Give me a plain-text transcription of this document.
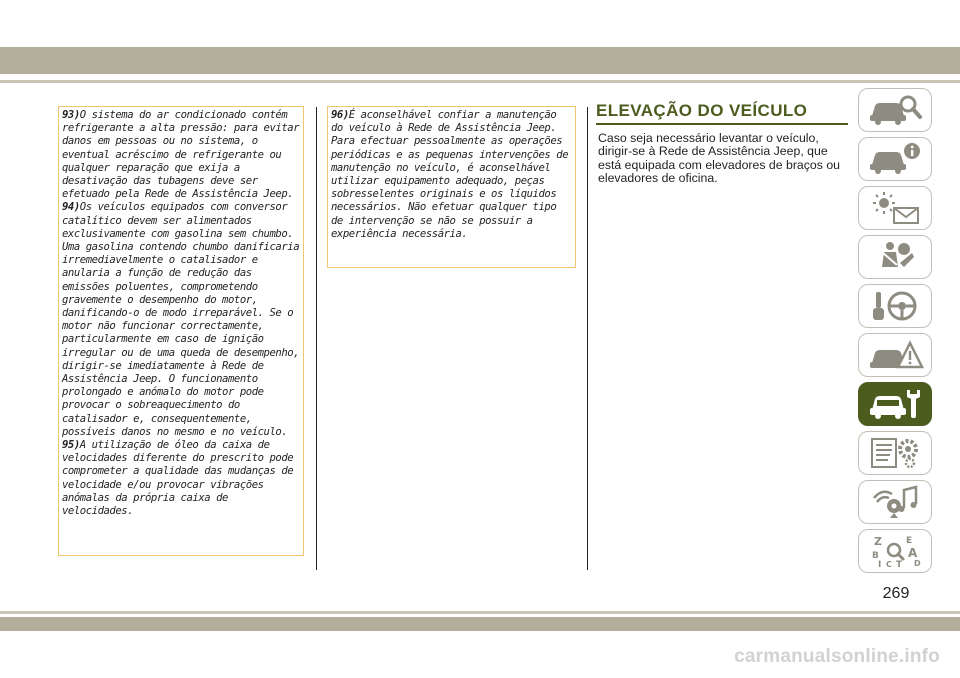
93)O sistema do ar condicionado contém refrigerante a alta pressão: para evitar danos em pessoas ou no sistema, o eventual acréscimo de refrigerante ou qualquer reparação que exija a desativação das tubagens deve ser efetuado pela Rede de Assistência Jeep.

94)Os veículos equipados com conversor catalítico devem ser alimentados exclusivamente com gasolina sem chumbo. Uma gasolina contendo chumbo danificaria irremediavelmente o catalisador e anularia a função de redução das emissões poluentes, comprometendo gravemente o desempenho do motor, danificando-o de modo irreparável. Se o motor não funcionar correctamente, particularmente em caso de ignição irregular ou de uma queda de desempenho, dirigir-se imediatamente à Rede de Assistência Jeep. O funcionamento prolongado e anómalo do motor pode provocar o sobreaquecimento do catalisador e, consequentemente, possíveis danos no mesmo e no veículo.

95)A utilização de óleo da caixa de velocidades diferente do prescrito pode comprometer a qualidade das mudanças de velocidade e/ou provocar vibrações anómalas da própria caixa de velocidades.

96)É aconselhável confiar a manutenção do veículo à Rede de Assistência Jeep. Para efectuar pessoalmente as operações periódicas e as pequenas intervenções de manutenção no veículo, é aconselhável utilizar equipamento adequado, peças sobresselentes originais e os líquidos necessários. Não efetuar qualquer tipo de intervenção se não se possuir a experiência necessária.

ELEVAÇÃO DO VEÍCULO

Caso seja necessário levantar o veículo, dirigir-se à Rede de Assistência Jeep, que está equipada com elevadores de braços ou elevadores de oficina.

Z	E
B A
I C T D
269
carmanualsonline.info
